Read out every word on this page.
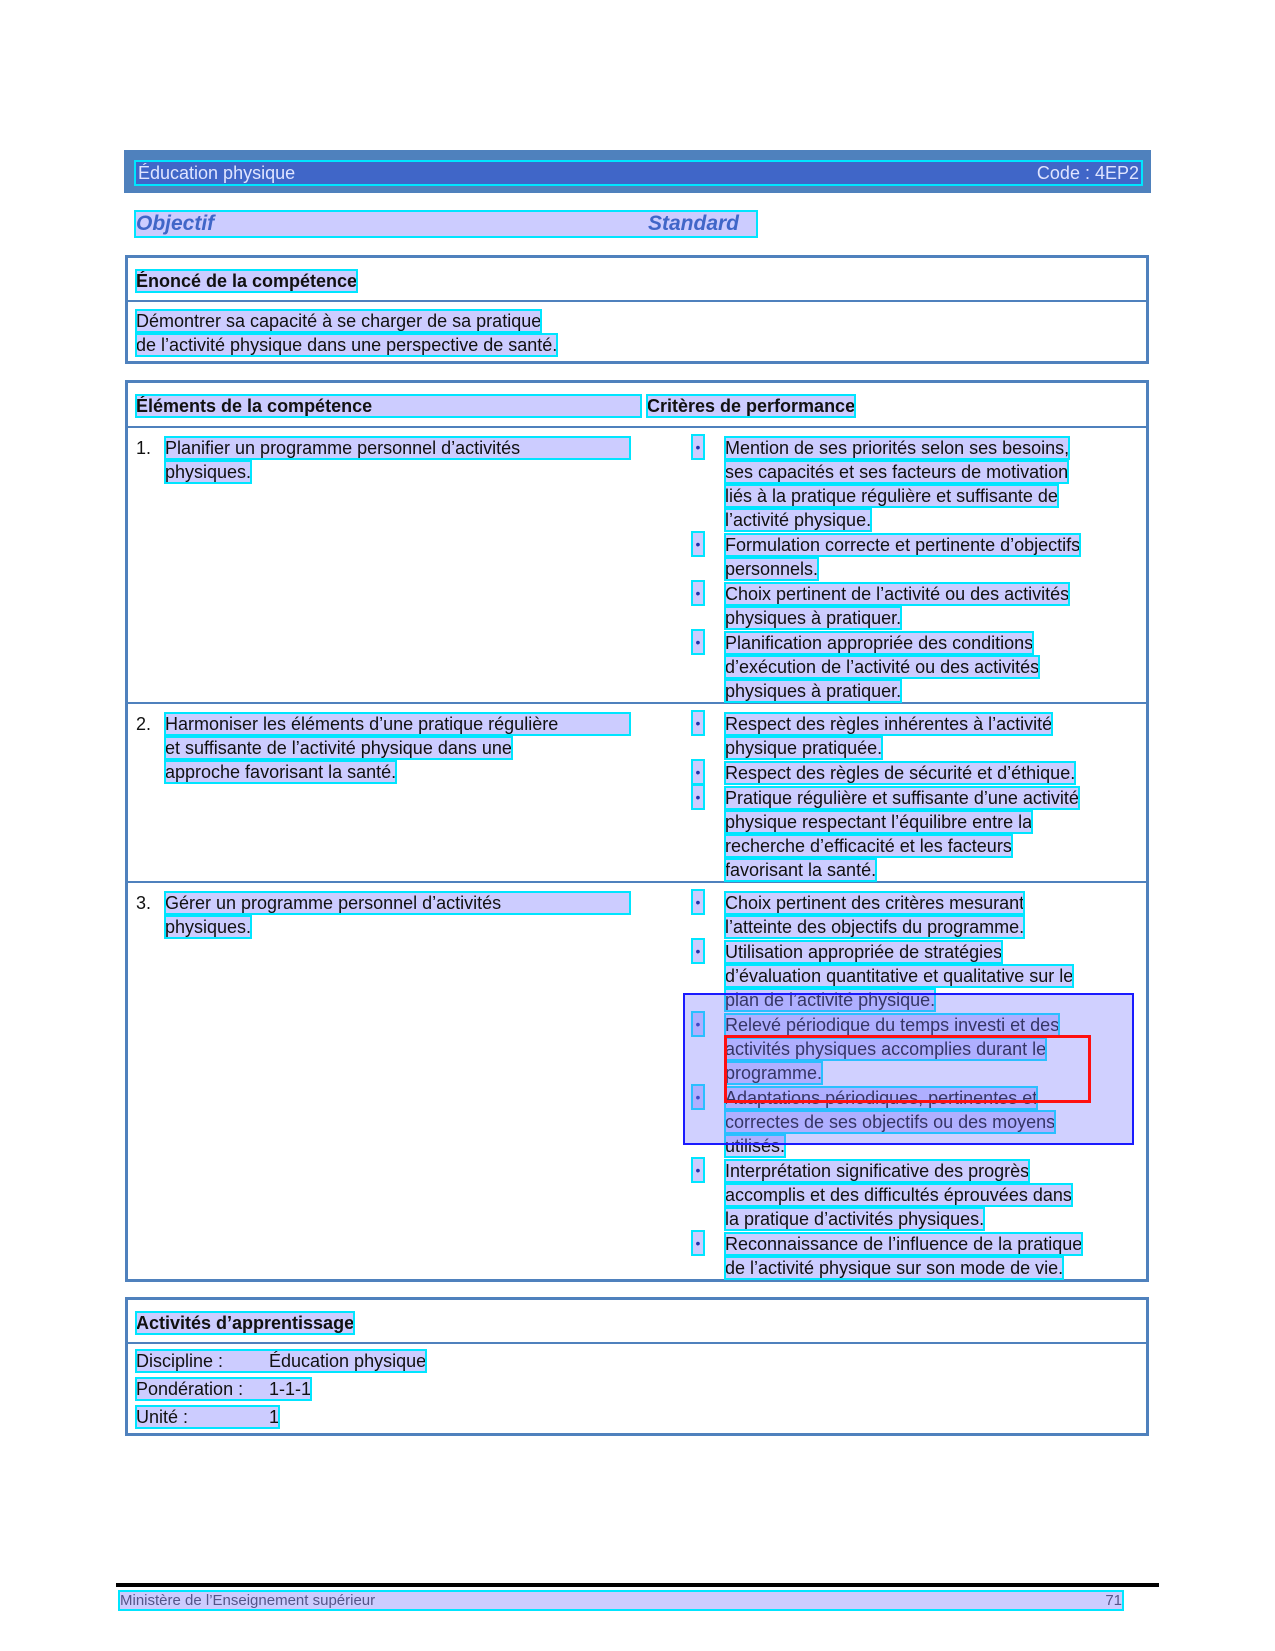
Éducation physique	Code : 4EP2
Objectif	Standard
Énoncé de la compétence
Démontrer sa capacité à se charger de sa pratique
de l’activité physique dans une perspective de santé.
Éléments de la compétence	Critères de performance
1. Planifier un programme personnel d’activités
physiques.
• Mention de ses priorités selon ses besoins,
ses capacités et ses facteurs de motivation
liés à la pratique régulière et suffisante de
l’activité physique.
• Formulation correcte et pertinente d’objectifs
personnels.
• Choix pertinent de l’activité ou des activités
physiques à pratiquer.
• Planification appropriée des conditions
d’exécution de l’activité ou des activités
physiques à pratiquer.
2. Harmoniser les éléments d’une pratique régulière
et suffisante de l’activité physique dans une
approche favorisant la santé.
• Respect des règles inhérentes à l’activité
physique pratiquée.
• Respect des règles de sécurité et d’éthique.
• Pratique régulière et suffisante d’une activité
physique respectant l’équilibre entre la
recherche d’efficacité et les facteurs
favorisant la santé.
3. Gérer un programme personnel d’activités
physiques.
• Choix pertinent des critères mesurant
l’atteinte des objectifs du programme.
• Utilisation appropriée de stratégies
d’évaluation quantitative et qualitative sur le
plan de l’activité physique.
• Relevé périodique du temps investi et des
activités physiques accomplies durant le
programme.
• Adaptations périodiques, pertinentes et
correctes de ses objectifs ou des moyens
utilisés.
• Interprétation significative des progrès
accomplis et des difficultés éprouvées dans
la pratique d’activités physiques.
• Reconnaissance de l’influence de la pratique
de l’activité physique sur son mode de vie.
Activités d’apprentissage
Discipline :	Éducation physique
Pondération : 1-1-1
Unité :	1
Ministère de l’Enseignement supérieur	71
